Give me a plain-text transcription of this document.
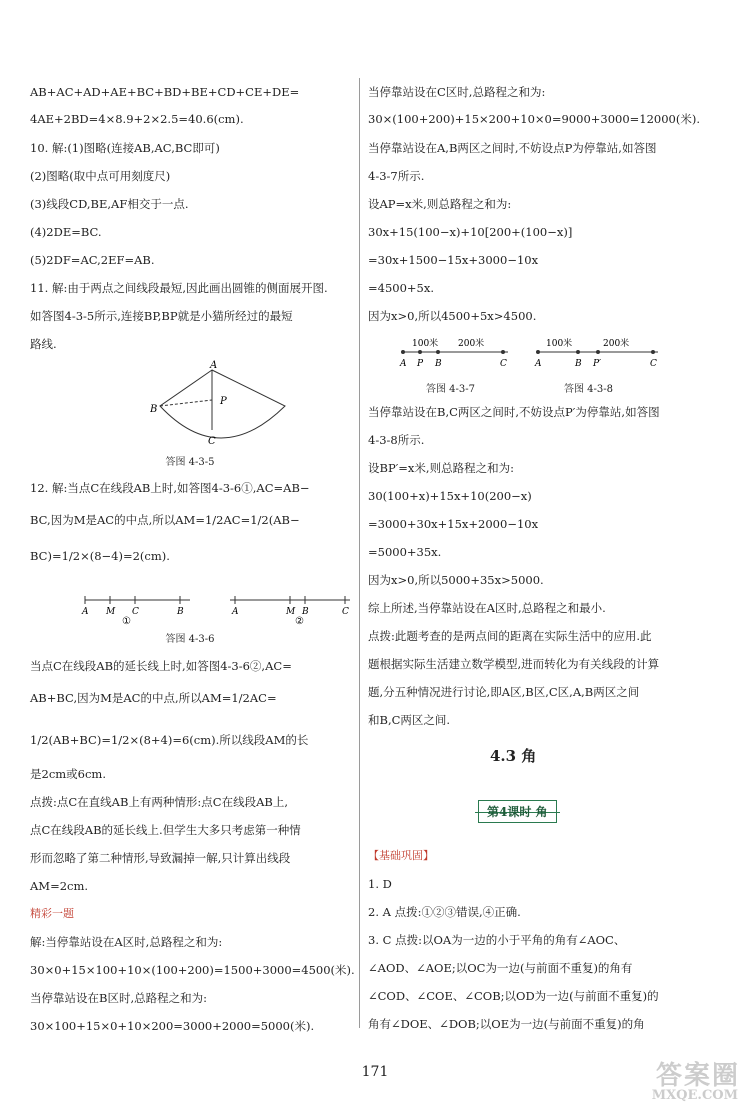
AB+AC+AD+AE+BC+BD+BE+CD+CE+DE=
4AE+2BD=4×8.9+2×2.5=40.6(cm).
10. 解:(1)图略(连接AB,AC,BC即可)
(2)图略(取中点可用刻度尺)
(3)线段CD,BE,AF相交于一点.
(4)2DE=BC.
(5)2DF=AC,2EF=AB.
11. 解:由于两点之间线段最短,因此画出圆锥的侧面展开图.
如答图4-3-5所示,连接BP,BP就是小猫所经过的最短
路线.
A
B
P
C
答图 4-3-5
12. 解:当点C在线段AB上时,如答图4-3-6①,AC=AB−
BC,因为M是AC的中点,所以AM=1/2AC=1/2(AB−
BC)=1/2×(8−4)=2(cm).
A M C	B
①
A	M B	C
②
答图 4-3-6
当点C在线段AB的延长线上时,如答图4-3-6②,AC=
AB+BC,因为M是AC的中点,所以AM=1/2AC=
1/2(AB+BC)=1/2×(8+4)=6(cm).所以线段AM的长
是2cm或6cm.
点拨:点C在直线AB上有两种情形:点C在线段AB上,
点C在线段AB的延长线上.但学生大多只考虑第一种情
形而忽略了第二种情形,导致漏掉一解,只计算出线段
AM=2cm.
精彩一题
解:当停靠站设在A区时,总路程之和为:
30×0+15×100+10×(100+200)=1500+3000=4500(米).
当停靠站设在B区时,总路程之和为:
30×100+15×0+10×200=3000+2000=5000(米).
当停靠站设在C区时,总路程之和为:
30×(100+200)+15×200+10×0=9000+3000=12000(米).
当停靠站设在A,B两区之间时,不妨设点P为停靠站,如答图
4-3-7所示.
设AP=x米,则总路程之和为:
30x+15(100−x)+10[200+(100−x)]
=30x+1500−15x+3000−10x
=4500+5x.
因为x>0,所以4500+5x>4500.
100米 200米
A P B	C
100米	200米
A	B P′	C
答图 4-3-7	答图 4-3-8
当停靠站设在B,C两区之间时,不妨设点P′为停靠站,如答图
4-3-8所示.
设BP′=x米,则总路程之和为:
30(100+x)+15x+10(200−x)
=3000+30x+15x+2000−10x
=5000+35x.
因为x>0,所以5000+35x>5000.
综上所述,当停靠站设在A区时,总路程之和最小.
点拨:此题考查的是两点间的距离在实际生活中的应用.此
题根据实际生活建立数学模型,进而转化为有关线段的计算
题,分五种情况进行讨论,即A区,B区,C区,A,B两区之间
和B,C两区之间.
4.3 角
第4课时 角
【基础巩固】
1. D
2. A 点拨:①②③错误,④正确.
3. C 点拨:以OA为一边的小于平角的角有∠AOC、
∠AOD、∠AOE;以OC为一边(与前面不重复)的角有
∠COD、∠COE、∠COB;以OD为一边(与前面不重复)的
角有∠DOE、∠DOB;以OE为一边(与前面不重复)的角
171	答案圈
MXQE.COM
